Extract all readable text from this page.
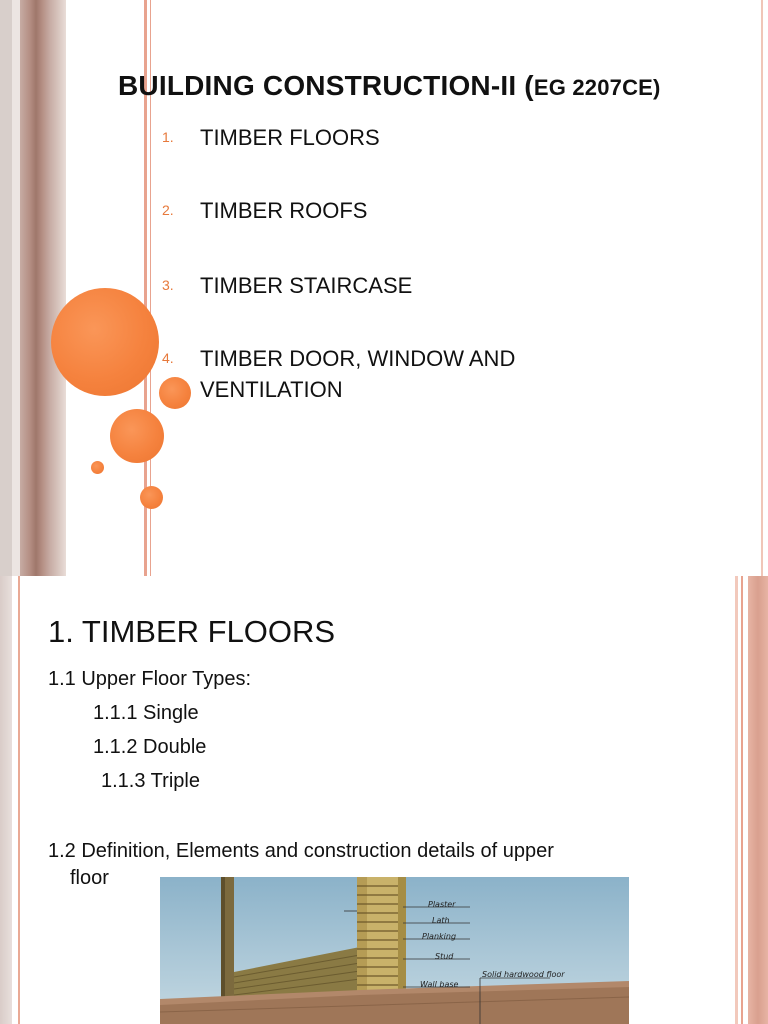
BUILDING CONSTRUCTION-II (EG 2207CE)
1. TIMBER FLOORS
2. TIMBER ROOFS
3. TIMBER STAIRCASE
4. TIMBER DOOR, WINDOW AND VENTILATION
1. TIMBER FLOORS
1.1 Upper Floor Types:
1.1.1 Single
1.1.2 Double
1.1.3 Triple
1.2 Definition, Elements and construction details of upper
floor
Plaster
Lath
Planking
Stud
Wall base
Solid hardwood floor
